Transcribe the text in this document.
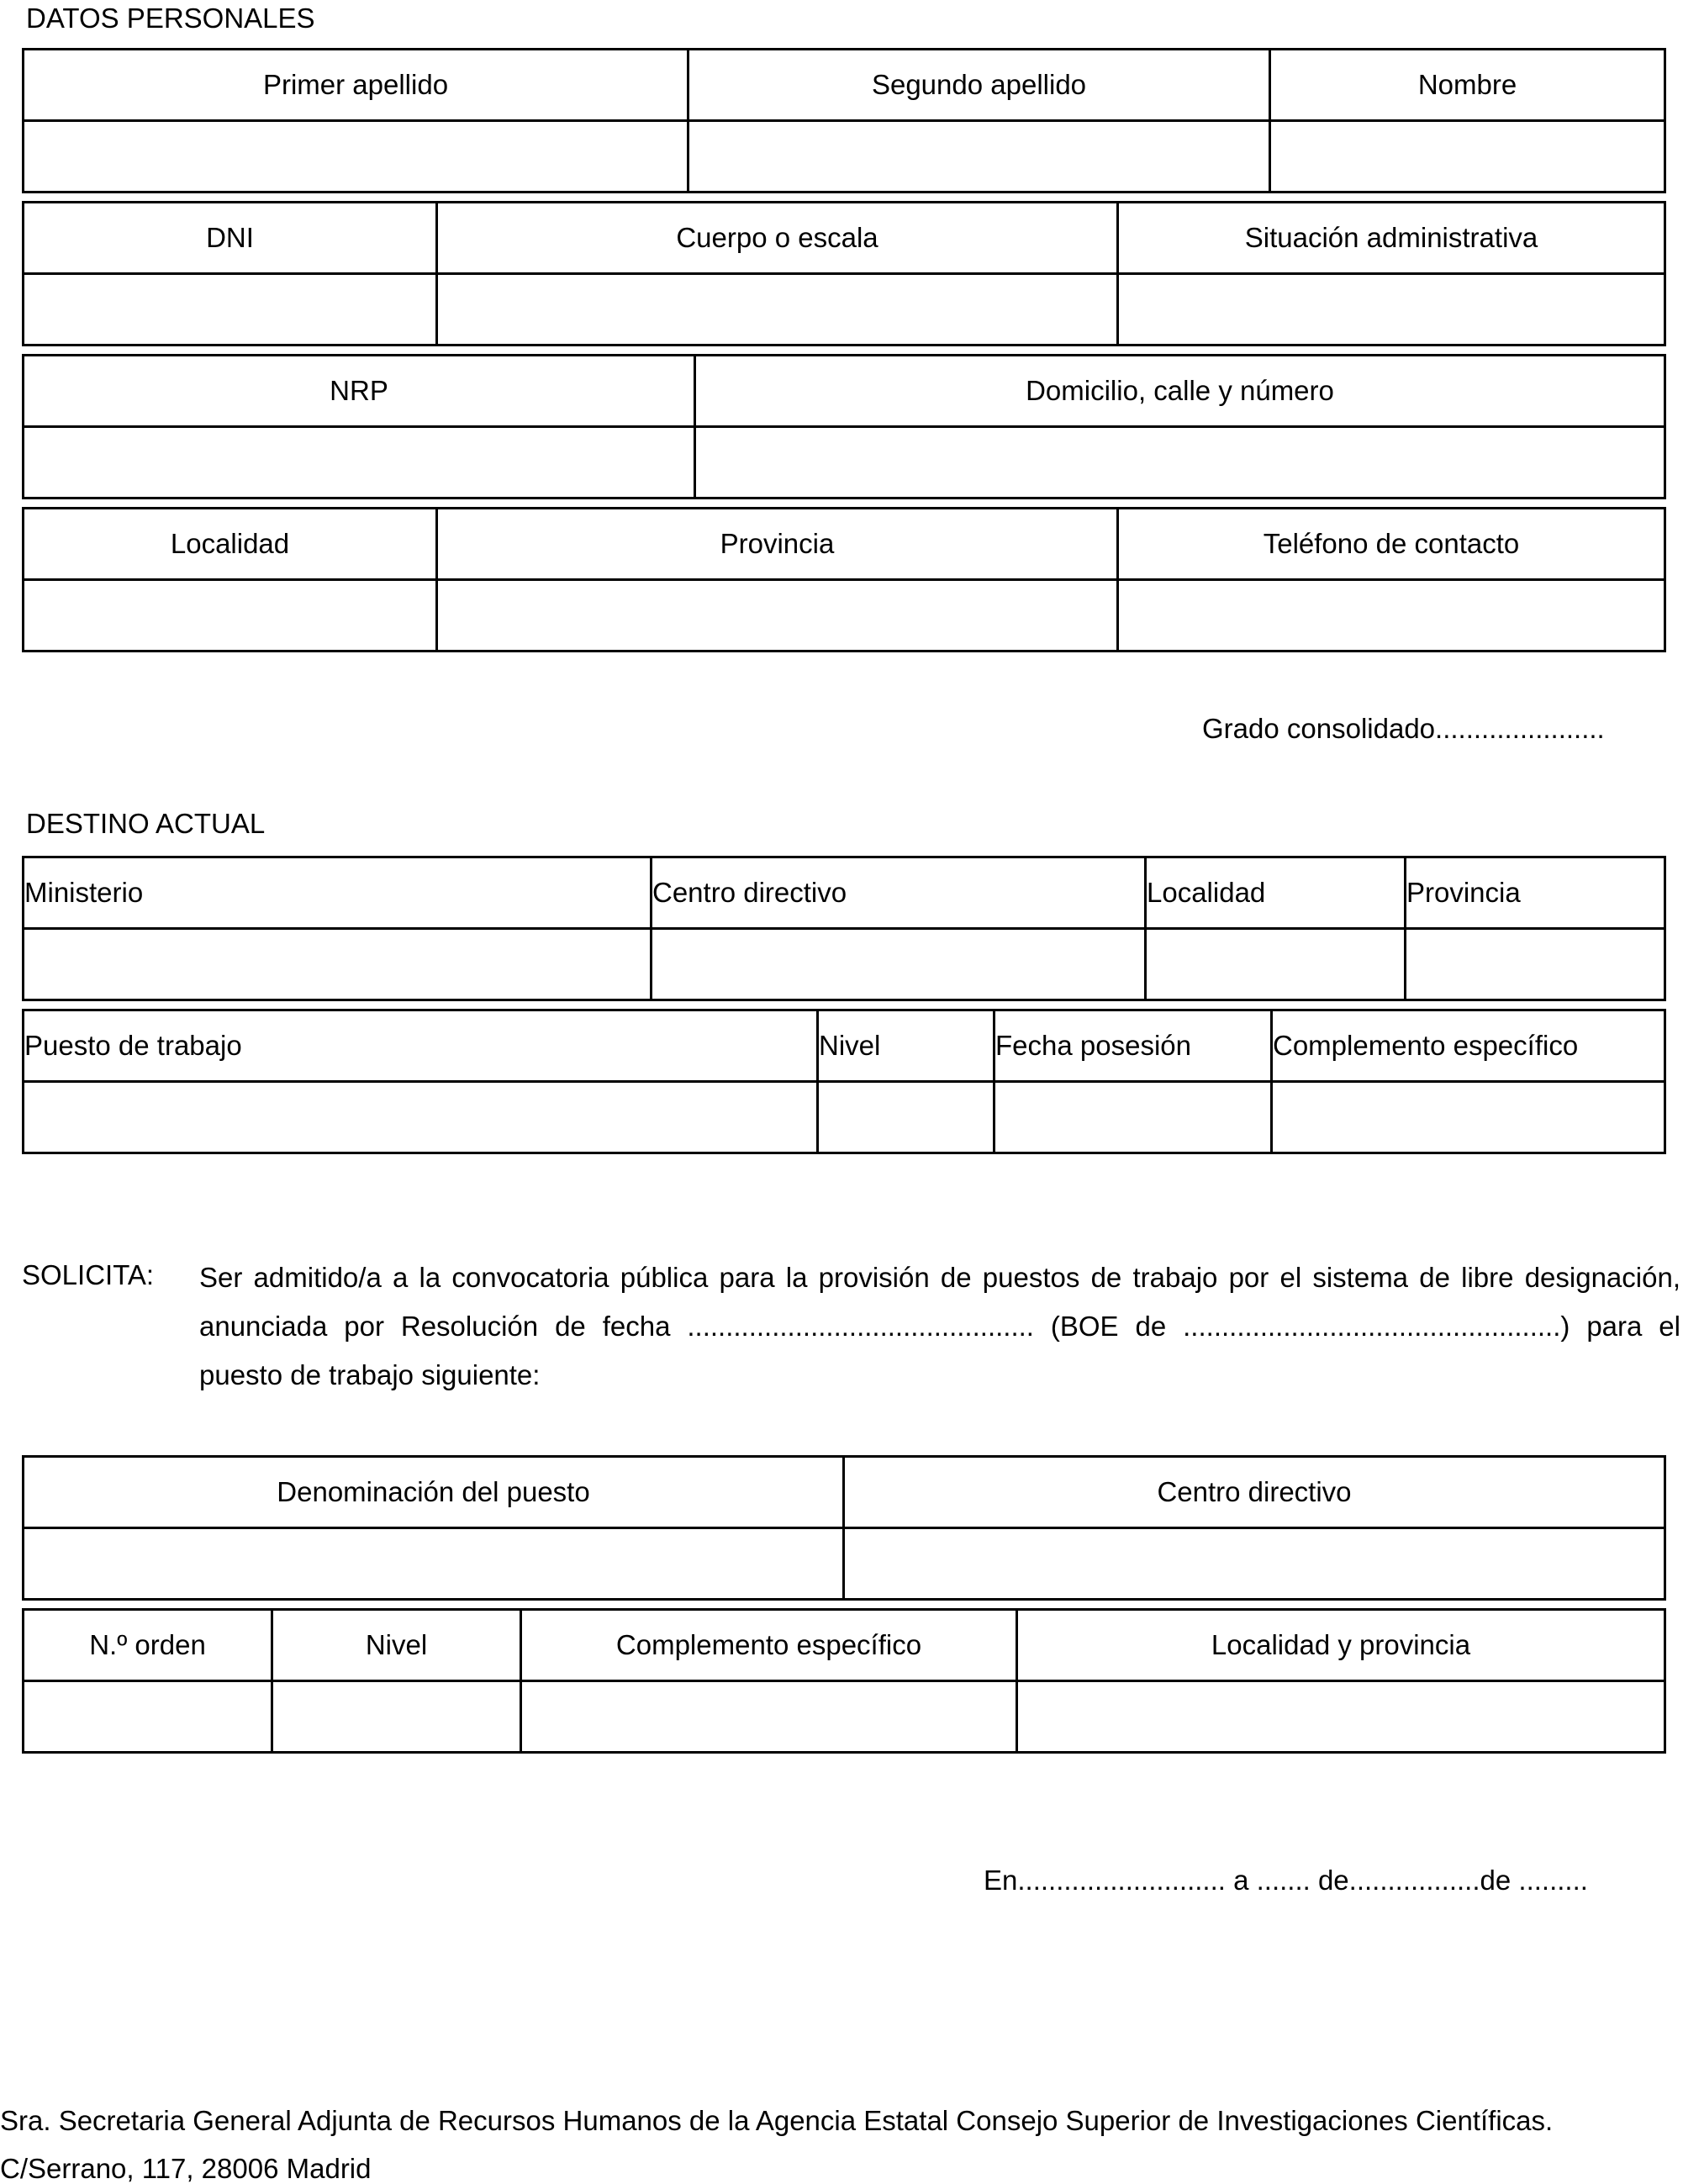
DATOS PERSONALES
Primer apellido	Segundo apellido	Nombre

DNI	Cuerpo o escala	Situación administrativa

NRP	Domicilio, calle y número

Localidad	Provincia	Teléfono de contacto

Grado consolidado......................
DESTINO ACTUAL
Ministerio	Centro directivo	Localidad	Provincia

Puesto de trabajo	Nivel	Fecha posesión	Complemento específico

SOLICITA: Ser admitido/a a la convocatoria pública para la provisión de puestos de trabajo por el sistema de libre designación, anunciada por Resolución de fecha ............................................. (BOE de .................................................) para el puesto de trabajo siguiente:
Denominación del puesto	Centro directivo

N.º orden	Nivel	Complemento específico	Localidad y provincia

En........................... a ....... de.................de .........
Sra. Secretaria General Adjunta de Recursos Humanos de la Agencia Estatal Consejo Superior de Investigaciones Científicas.
C/Serrano, 117, 28006 Madrid
